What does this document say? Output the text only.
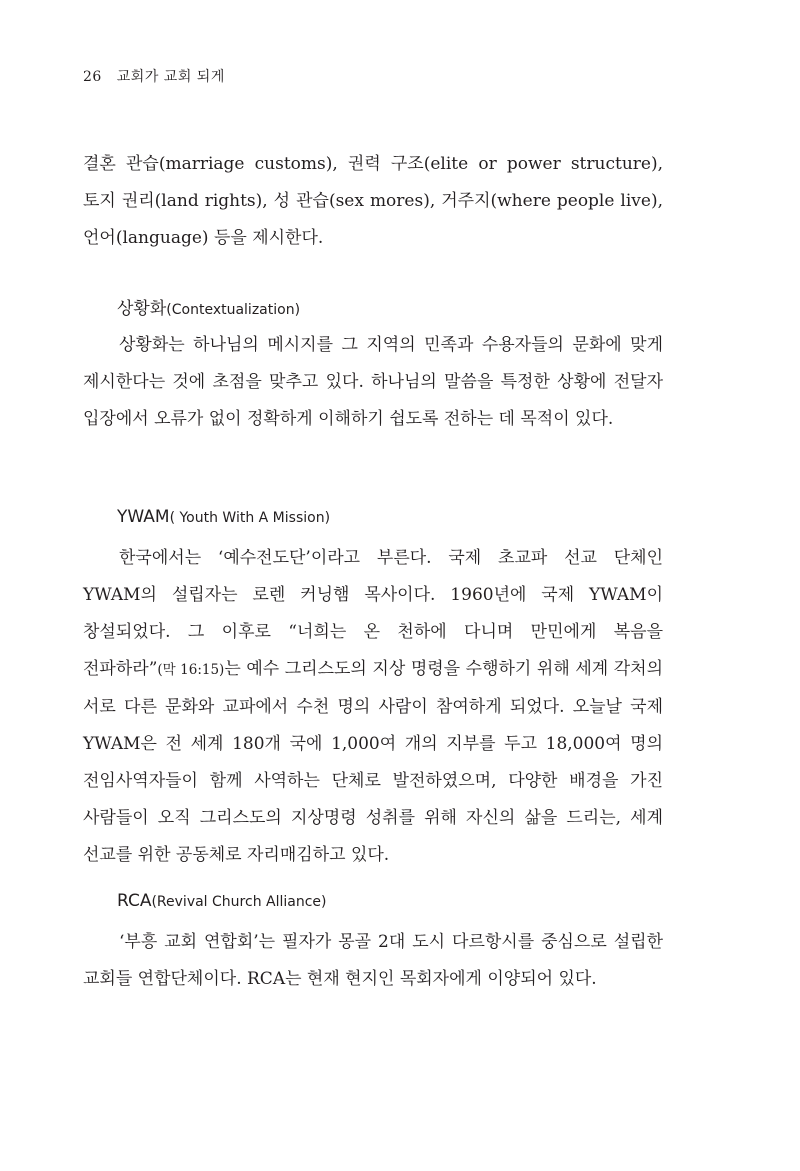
26 교회가 교회 되게

결혼 관습(marriage customs), 권력 구조(elite or power structure), 토지 권리(land rights), 성 관습(sex mores), 거주지(where people live), 언어(language) 등을 제시한다.

상황화(Contextualization)

상황화는 하나님의 메시지를 그 지역의 민족과 수용자들의 문화에 맞게 제시한다는 것에 초점을 맞추고 있다. 하나님의 말씀을 특정한 상황에 전달자 입장에서 오류가 없이 정확하게 이해하기 쉽도록 전하는 데 목적이 있다.

YWAM( Youth With A Mission)

한국에서는 ‘예수전도단’이라고 부른다. 국제 초교파 선교 단체인 YWAM의 설립자는 로렌 커닝햄 목사이다. 1960년에 국제 YWAM이 창설되었다. 그 이후로 “너희는 온 천하에 다니며 만민에게 복음을 전파하라”(막 16:15)는 예수 그리스도의 지상 명령을 수행하기 위해 세계 각처의 서로 다른 문화와 교파에서 수천 명의 사람이 참여하게 되었다. 오늘날 국제 YWAM은 전 세계 180개 국에 1,000여 개의 지부를 두고 18,000여 명의 전임사역자들이 함께 사역하는 단체로 발전하였으며, 다양한 배경을 가진 사람들이 오직 그리스도의 지상명령 성취를 위해 자신의 삶을 드리는, 세계 선교를 위한 공동체로 자리매김하고 있다.

RCA(Revival Church Alliance)

‘부흥 교회 연합회’는 필자가 몽골 2대 도시 다르항시를 중심으로 설립한 교회들 연합단체이다. RCA는 현재 현지인 목회자에게 이양되어 있다.
